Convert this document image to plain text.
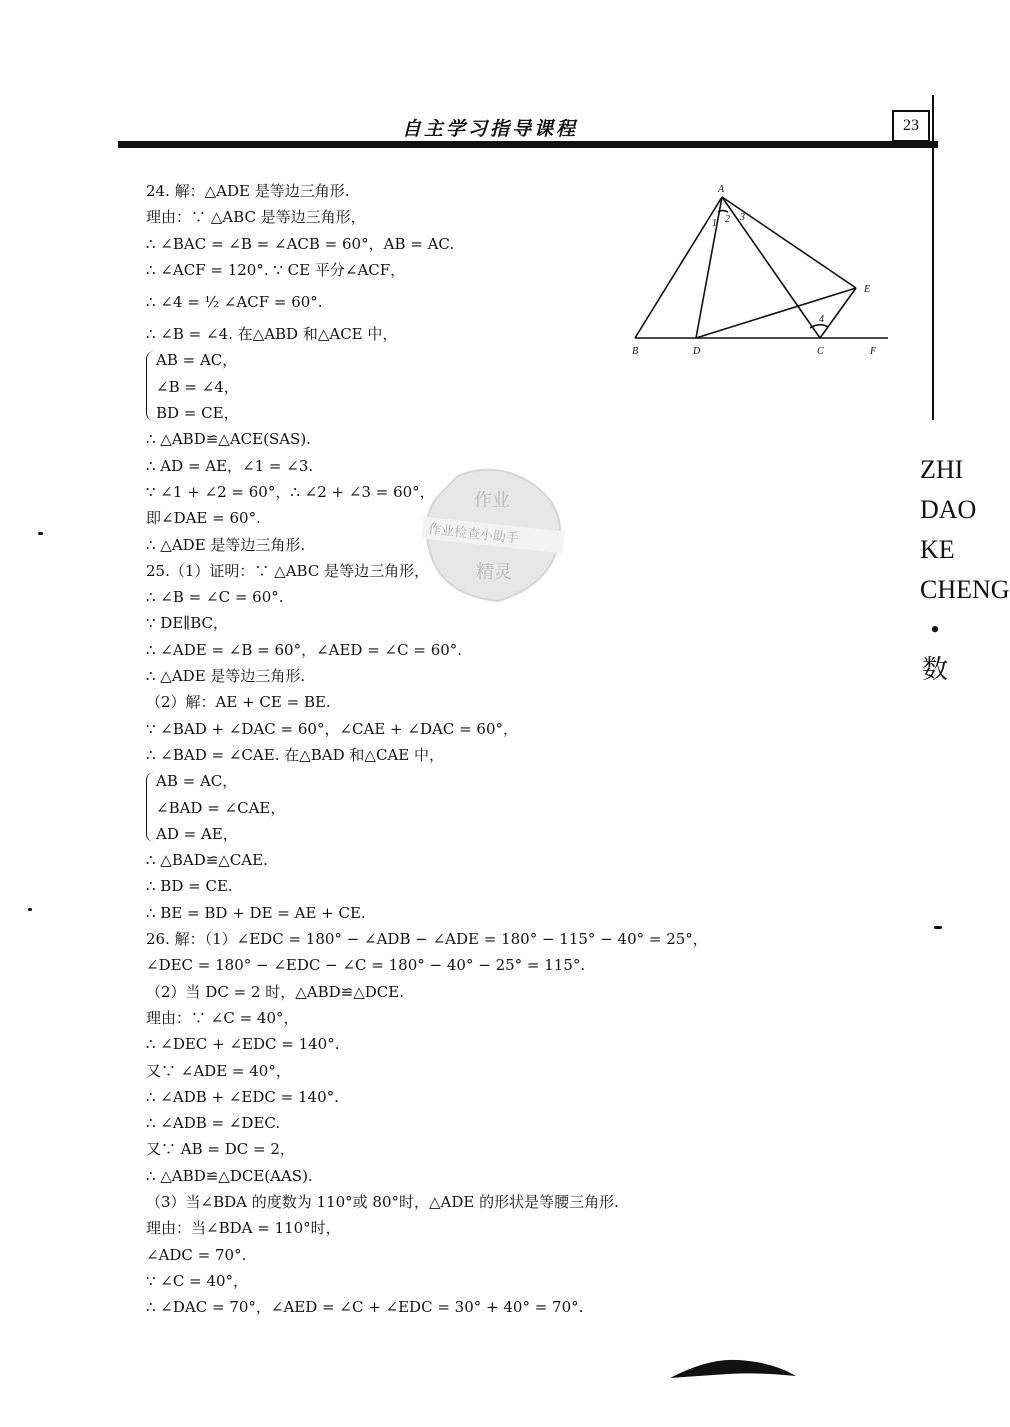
自主学习指导课程	23
ZHI
DAO
KE
CHENG
•
数
A
B	D	C	F
E
1 2 3
4
作业
作业检查小助手
精灵
24. 解：△ADE 是等边三角形.
理由：∵ △ABC 是等边三角形，
∴ ∠BAC = ∠B = ∠ACB = 60°，AB = AC.
∴ ∠ACF = 120°. ∵ CE 平分∠ACF，
∴ ∠4 = ½ ∠ACF = 60°.
∴ ∠B = ∠4. 在△ABD 和△ACE 中，
AB = AC，
∠B = ∠4，
BD = CE，
∴ △ABD≌△ACE(SAS).
∴ AD = AE，∠1 = ∠3.
∵ ∠1 + ∠2 = 60°，∴ ∠2 + ∠3 = 60°，
即∠DAE = 60°.
∴ △ADE 是等边三角形.
25.（1）证明：∵ △ABC 是等边三角形，
∴ ∠B = ∠C = 60°.
∵ DE∥BC，
∴ ∠ADE = ∠B = 60°，∠AED = ∠C = 60°.
∴ △ADE 是等边三角形.
（2）解：AE + CE = BE.
∵ ∠BAD + ∠DAC = 60°，∠CAE + ∠DAC = 60°，
∴ ∠BAD = ∠CAE. 在△BAD 和△CAE 中，
AB = AC，
∠BAD = ∠CAE，
AD = AE，
∴ △BAD≌△CAE.
∴ BD = CE.
∴ BE = BD + DE = AE + CE.
26. 解：（1）∠EDC = 180° − ∠ADB − ∠ADE = 180° − 115° − 40° = 25°，
∠DEC = 180° − ∠EDC − ∠C = 180° − 40° − 25° = 115°.
（2）当 DC = 2 时，△ABD≌△DCE.
理由：∵ ∠C = 40°，
∴ ∠DEC + ∠EDC = 140°.
又∵ ∠ADE = 40°，
∴ ∠ADB + ∠EDC = 140°.
∴ ∠ADB = ∠DEC.
又∵ AB = DC = 2，
∴ △ABD≌△DCE(AAS).
（3）当∠BDA 的度数为 110°或 80°时，△ADE 的形状是等腰三角形.
理由：当∠BDA = 110°时，
∠ADC = 70°.
∵ ∠C = 40°，
∴ ∠DAC = 70°，∠AED = ∠C + ∠EDC = 30° + 40° = 70°.
